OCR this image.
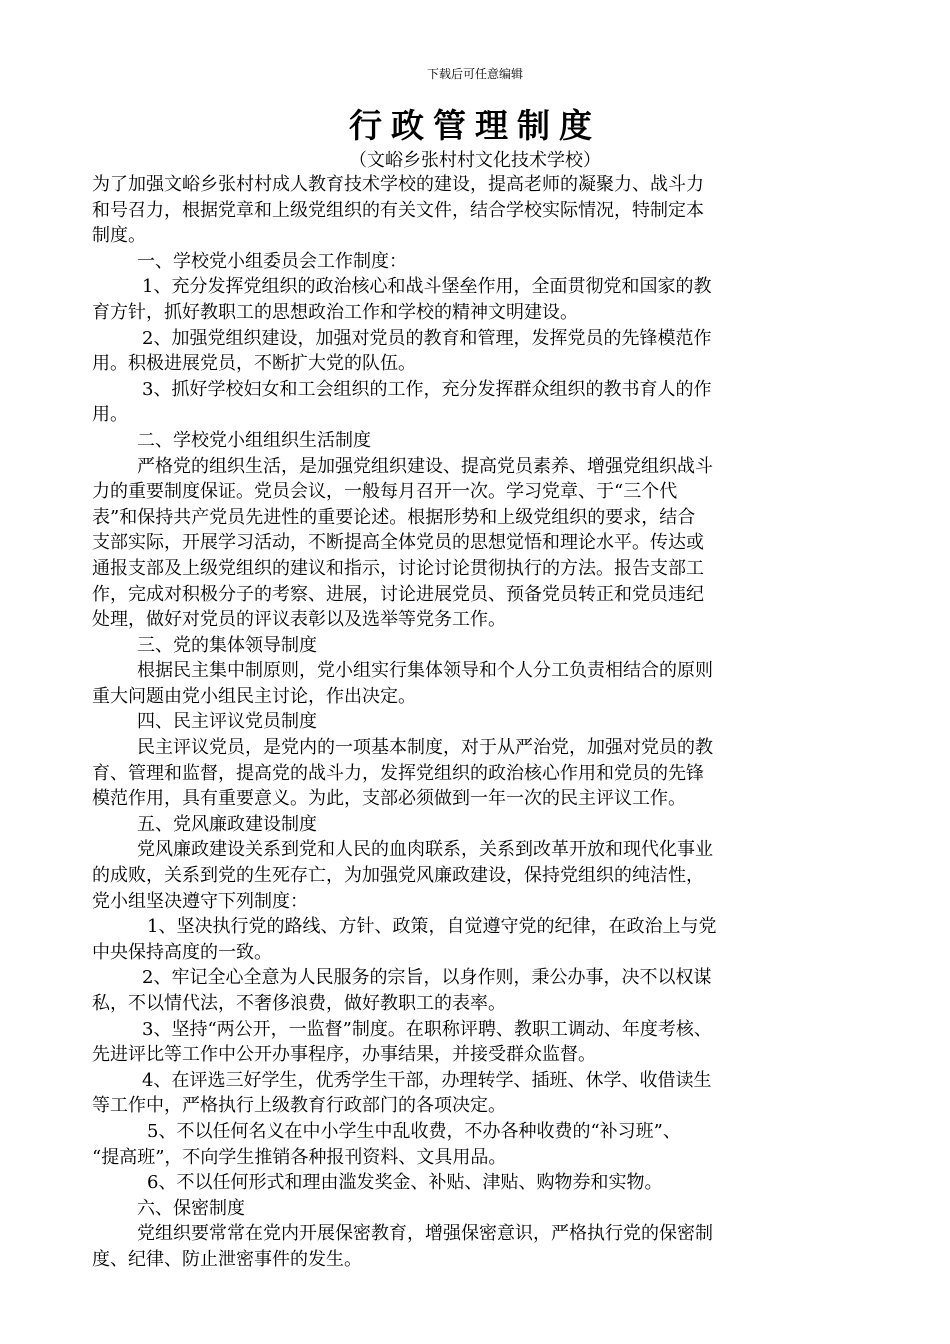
下载后可任意编辑
行政管理制度
（文峪乡张村村文化技术学校）

为了加强文峪乡张村村成人教育技术学校的建设，提高老师的凝聚力、战斗力

和号召力，根据党章和上级党组织的有关文件，结合学校实际情况，特制定本

制度。

一、学校党小组委员会工作制度：

1、充分发挥党组织的政治核心和战斗堡垒作用，全面贯彻党和国家的教

育方针，抓好教职工的思想政治工作和学校的精神文明建设。

2、加强党组织建设，加强对党员的教育和管理，发挥党员的先锋模范作

用。积极进展党员，不断扩大党的队伍。

3、抓好学校妇女和工会组织的工作，充分发挥群众组织的教书育人的作

用。

二、学校党小组组织生活制度

严格党的组织生活，是加强党组织建设、提高党员素养、增强党组织战斗

力的重要制度保证。党员会议，一般每月召开一次。学习党章、于“三个代

表”和保持共产党员先进性的重要论述。根据形势和上级党组织的要求，结合

支部实际，开展学习活动，不断提高全体党员的思想觉悟和理论水平。传达或

通报支部及上级党组织的建议和指示，讨论讨论贯彻执行的方法。报告支部工

作，完成对积极分子的考察、进展，讨论进展党员、预备党员转正和党员违纪

处理，做好对党员的评议表彰以及选举等党务工作。

三、党的集体领导制度

根据民主集中制原则，党小组实行集体领导和个人分工负责相结合的原则

重大问题由党小组民主讨论，作出决定。

四、民主评议党员制度

民主评议党员，是党内的一项基本制度，对于从严治党，加强对党员的教

育、管理和监督，提高党的战斗力，发挥党组织的政治核心作用和党员的先锋

模范作用，具有重要意义。为此，支部必须做到一年一次的民主评议工作。

五、党风廉政建设制度

党风廉政建设关系到党和人民的血肉联系，关系到改革开放和现代化事业

的成败，关系到党的生死存亡，为加强党风廉政建设，保持党组织的纯洁性，

党小组坚决遵守下列制度：

1、坚决执行党的路线、方针、政策，自觉遵守党的纪律，在政治上与党

中央保持高度的一致。

2、牢记全心全意为人民服务的宗旨，以身作则，秉公办事，决不以权谋

私，不以情代法，不奢侈浪费，做好教职工的表率。

3、坚持“两公开，一监督”制度。在职称评聘、教职工调动、年度考核、

先进评比等工作中公开办事程序，办事结果，并接受群众监督。

4、在评选三好学生，优秀学生干部，办理转学、插班、休学、收借读生

等工作中，严格执行上级教育行政部门的各项决定。

5、不以任何名义在中小学生中乱收费，不办各种收费的“补习班”、

“提高班”，不向学生推销各种报刊资料、文具用品。

6、不以任何形式和理由滥发奖金、补贴、津贴、购物券和实物。

六、保密制度

党组织要常常在党内开展保密教育，增强保密意识，严格执行党的保密制

度、纪律、防止泄密事件的发生。
